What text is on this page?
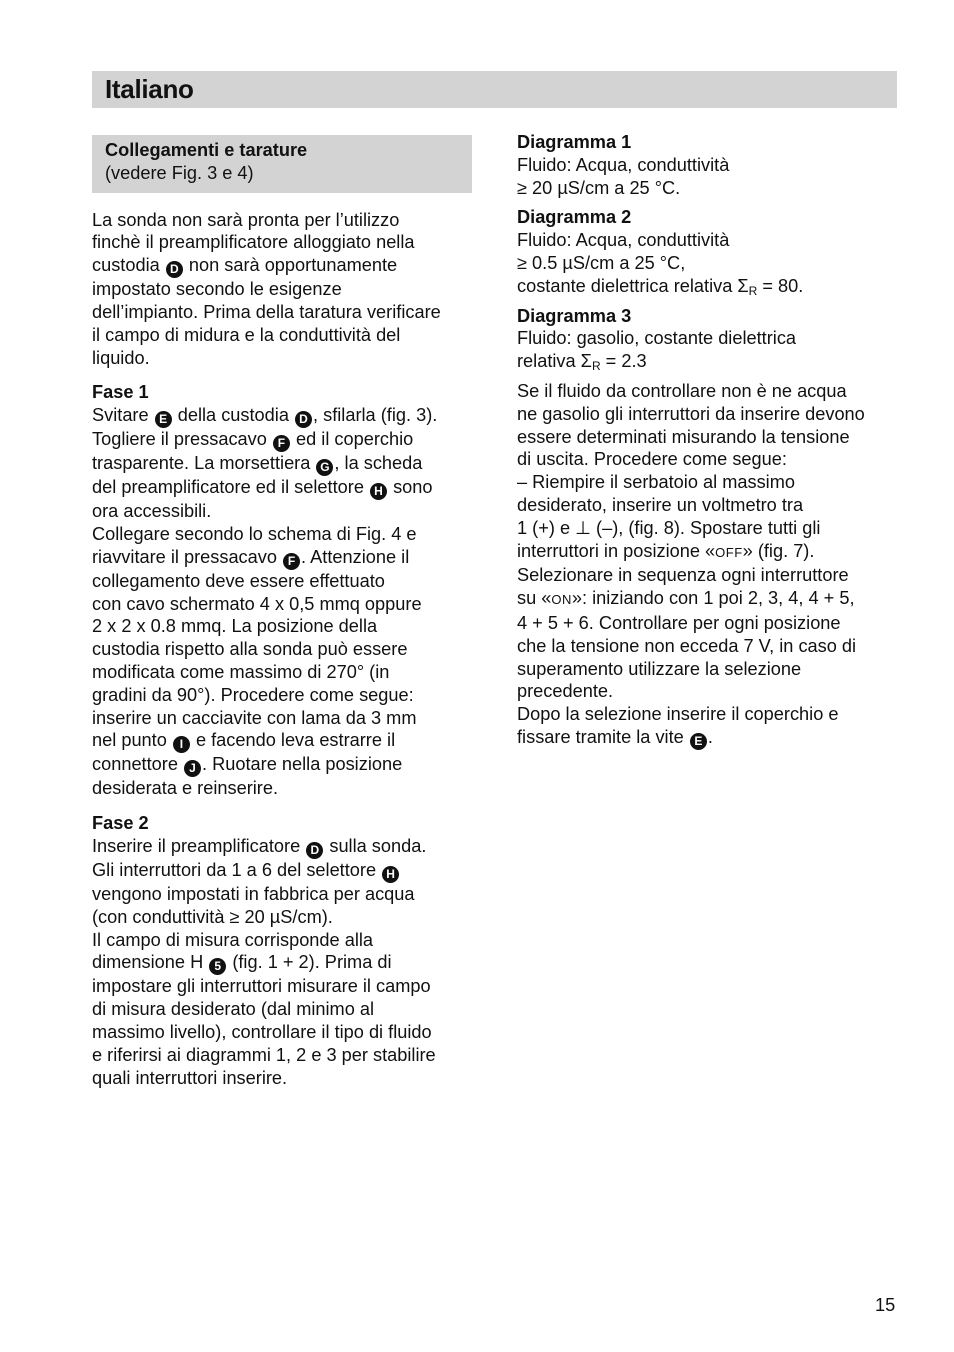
Italiano
Collegamenti e tarature
(vedere Fig. 3 e 4)
La sonda non sarà pronta per l’utilizzo
finchè il preamplificatore alloggiato nella
custodia D non sarà opportunamente
impostato secondo le esigenze
dell’impianto. Prima della taratura verificare
il campo di midura e la conduttività del
liquido.
Fase 1
Svitare E della custodia D , sfilarla (fig. 3).
Togliere il pressacavo F ed il coperchio
trasparente. La morsettiera G , la scheda
del preamplificatore ed il selettore H sono
ora accessibili.
Collegare secondo lo schema di Fig. 4 e
riavvitare il pressacavo F . Attenzione il
collegamento deve essere effettuato
con cavo schermato 4 x 0,5 mmq oppure
2 x 2 x 0.8 mmq. La posizione della
custodia rispetto alla sonda può essere
modificata come massimo di 270° (in
gradini da 90°). Procedere come segue:
inserire un cacciavite con lama da 3 mm
nel punto I e facendo leva estrarre il
connettore J . Ruotare nella posizione
desiderata e reinserire.
Fase 2
Inserire il preamplificatore D sulla sonda.
Gli interruttori da 1 a 6 del selettore H
vengono impostati in fabbrica per acqua
(con conduttività ≥ 20 µS/cm).
Il campo di misura corrisponde alla
dimensione H 5 (fig. 1 + 2). Prima di
impostare gli interruttori misurare il campo
di misura desiderato (dal minimo al
massimo livello), controllare il tipo di fluido
e riferirsi ai diagrammi 1, 2 e 3 per stabilire
quali interruttori inserire.
Diagramma 1
Fluido: Acqua, conduttività
≥ 20 µS/cm a 25 °C.
Diagramma 2
Fluido: Acqua, conduttività
≥ 0.5 µS/cm a 25 °C,
costante dielettrica relativa $\Sigma_R = 80$.
Diagramma 3
Fluido: gasolio, costante dielettrica
relativa $\Sigma_R = 2.3$
Se il fluido da controllare non è ne acqua
ne gasolio gli interruttori da inserire devono
essere determinati misurando la tensione
di uscita. Procedere come segue:
– Riempire il serbatoio al massimo
desiderato, inserire un voltmetro tra
1 (+) e ⊥ (–), (fig. 8). Spostare tutti gli
interruttori in posizione «OFF» (fig. 7).
Selezionare in sequenza ogni interruttore
su «ON»: iniziando con 1 poi 2, 3, 4, 4 + 5,
4 + 5 + 6. Controllare per ogni posizione
che la tensione non ecceda 7 V, in caso di
superamento utilizzare la selezione
precedente.
Dopo la selezione inserire il coperchio e
fissare tramite la vite E .
15
